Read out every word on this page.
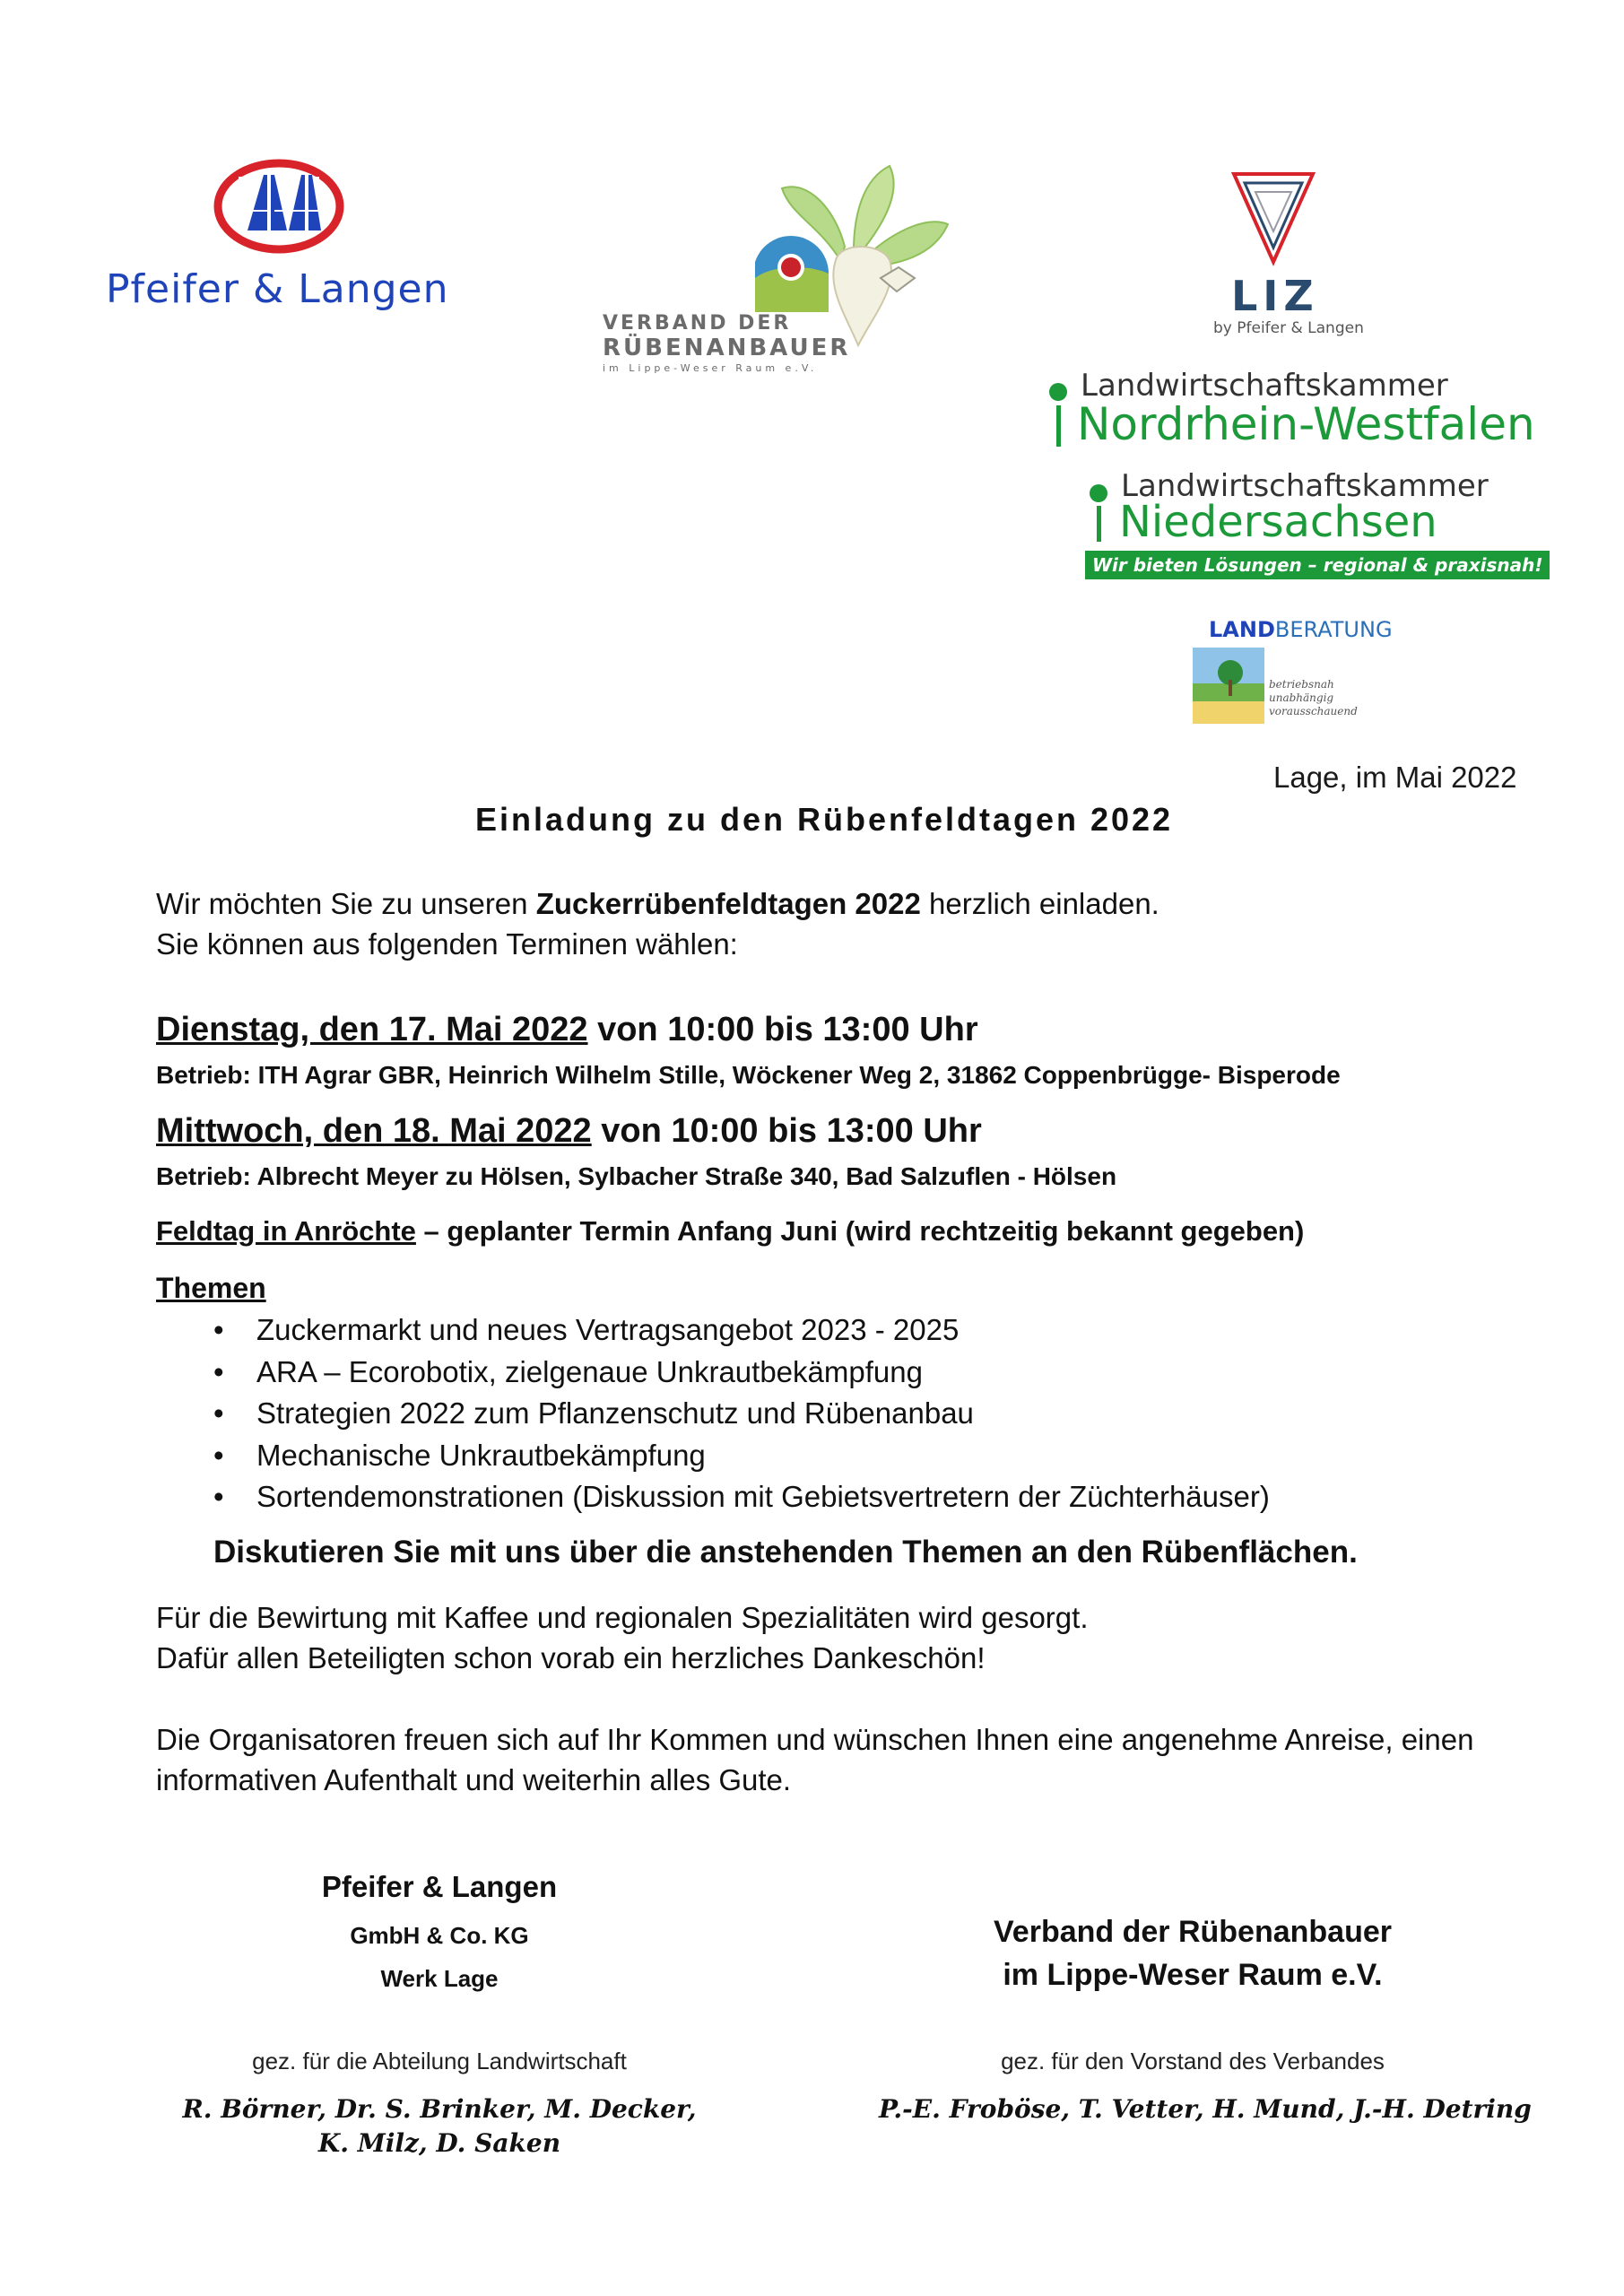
Pfeifer & Langen
VERBAND DER
RÜBENANBAUER
im Lippe-Weser Raum e.V.
LIZ
by Pfeifer & Langen
Landwirtschaftskammer
Nordrhein-Westfalen
Landwirtschaftskammer
Niedersachsen
Wir bieten Lösungen – regional & praxisnah!
LANDBERATUNG
betriebsnah
unabhängig
vorausschauend
Lage, im Mai 2022
Einladung zu den Rübenfeldtagen 2022
Wir möchten Sie zu unseren Zuckerrübenfeldtagen 2022 herzlich einladen.
Sie können aus folgenden Terminen wählen:
Dienstag, den 17. Mai 2022 von 10:00 bis 13:00 Uhr
Betrieb: ITH Agrar GBR, Heinrich Wilhelm Stille, Wöckener Weg 2, 31862 Coppenbrügge- Bisperode
Mittwoch, den 18. Mai 2022 von 10:00 bis 13:00 Uhr
Betrieb: Albrecht Meyer zu Hölsen, Sylbacher Straße 340, Bad Salzuflen - Hölsen
Feldtag in Anröchte – geplanter Termin Anfang Juni (wird rechtzeitig bekannt gegeben)
Themen
• Zuckermarkt und neues Vertragsangebot 2023 - 2025
• ARA – Ecorobotix, zielgenaue Unkrautbekämpfung
• Strategien 2022 zum Pflanzenschutz und Rübenanbau
• Mechanische Unkrautbekämpfung
• Sortendemonstrationen (Diskussion mit Gebietsvertretern der Züchterhäuser)
Diskutieren Sie mit uns über die anstehenden Themen an den Rübenflächen.
Für die Bewirtung mit Kaffee und regionalen Spezialitäten wird gesorgt.
Dafür allen Beteiligten schon vorab ein herzliches Dankeschön!
Die Organisatoren freuen sich auf Ihr Kommen und wünschen Ihnen eine angenehme Anreise, einen
informativen Aufenthalt und weiterhin alles Gute.
Pfeifer & Langen
GmbH & Co. KG
Werk Lage
gez. für die Abteilung Landwirtschaft
R. Börner, Dr. S. Brinker, M. Decker,
K. Milz, D. Saken
Verband der Rübenanbauer
im Lippe-Weser Raum e.V.
gez. für den Vorstand des Verbandes
P.-E. Froböse, T. Vetter, H. Mund, J.-H. Detring
